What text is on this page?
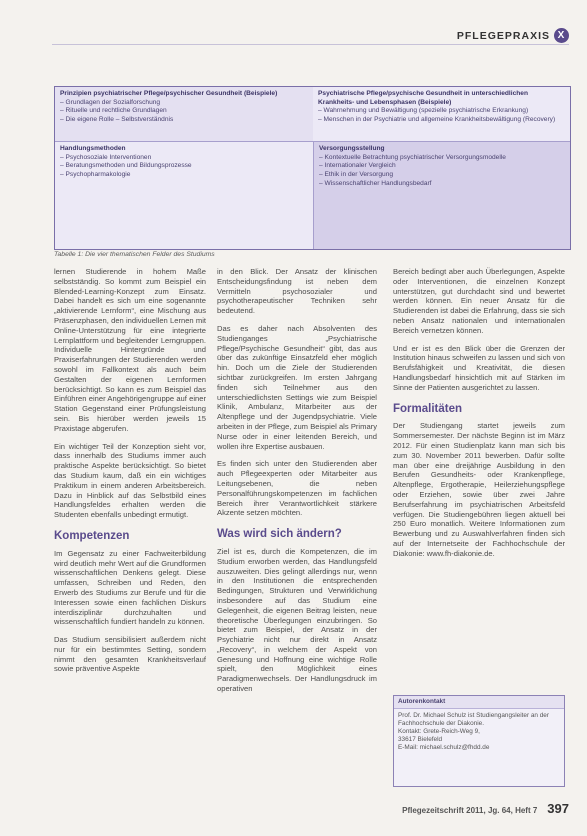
PFLEGEPRAXIS X
Prinzipien psychiatrischer Pflege/psychischer Gesundheit (Beispiele)
– Grundlagen der Sozialforschung
– Rituelle und rechtliche Grundlagen
– Die eigene Rolle – Selbstverständnis
Psychiatrische Pflege/psychische Gesundheit in unterschiedlichen Krankheits- und Lebensphasen (Beispiele)
– Wahrnehmung und Bewältigung (spezielle psychiatrische Erkrankung)
– Menschen in der Psychiatrie und allgemeine Krankheitsbewältigung (Recovery)
Handlungsmethoden
– Psychosoziale Interventionen
– Beratungsmethoden und Bildungsprozesse
– Psychopharmakologie
Versorgungsstellung
– Kontextuelle Betrachtung psychiatrischer Versorgungsmodelle
– Internationaler Vergleich
– Ethik in der Versorgung
– Wissenschaftlicher Handlungsbedarf
Tabelle 1: Die vier thematischen Felder des Studiums

lernen Studierende in hohem Maße selbstständig. So kommt zum Beispiel ein Blended-Learning-Konzept zum Einsatz. Dabei handelt es sich um eine sogenannte „aktivierende Lernform“, eine Mischung aus Präsenzphasen, den individuellen Lernen mit Online-Unterstützung für eine integrierte Lernplattform und begleitender Lerngruppen. Individuelle Hintergründe und Praxiserfahrungen der Studierenden werden sowohl im Fallkontext als auch beim Gestalten der eigenen Lernformen berücksichtigt. So kann es zum Beispiel das Einführen einer Angehörigengruppe auf einer Station Gegenstand einer Prüfungsleistung sein. Bis hierüber werden jeweils 15 Praxistage abgerufen.

Ein wichtiger Teil der Konzeption sieht vor, dass innerhalb des Studiums immer auch praktische Aspekte berücksichtigt. So bietet das Studium kaum, daß ein ein wichtiges Praktikum in einem anderen Arbeitsbereich. Dazu in Hinblick auf das Selbstbild eines Handlungsfeldes erhalten werden die Studenten ebenfalls unbedingt ermutigt.

Kompetenzen

Im Gegensatz zu einer Fachweiterbildung wird deutlich mehr Wert auf die Grundformen wissenschaftlichen Denkens gelegt. Diese umfassen, Schreiben und Reden, den Erwerb des Studiums zur Berufe und für die Interessen sowie einen fachlichen Diskurs interdisziplinär durchzuhalten und wissenschaftlich fundiert handeln zu können.

Das Studium sensibilisiert außerdem nicht nur für ein bestimmtes Setting, sondern nimmt den gesamten Krankheitsverlauf sowie präventive Aspekte

in den Blick. Der Ansatz der klinischen Entscheidungsfindung ist neben dem Vermitteln psychosozialer und psychotherapeutischer Techniken sehr bedeutend.

Das es daher nach Absolventen des Studienganges „Psychiatrische Pflege/Psychische Gesundheit“ gibt, das aus über das zukünftige Einsatzfeld eher möglich hin. Doch um die Ziele der Studierenden sichtbar zurückgreifen. Im ersten Jahrgang finden sich Teilnehmer aus den unterschiedlichsten Settings wie zum Beispiel Klinik, Ambulanz, Mitarbeiter aus der Altenpflege und der Jugendpsychiatrie. Viele arbeiten in der Pflege, zum Beispiel als Primary Nurse oder in einer leitenden Bereich, und wollen ihre Expertise ausbauen.

Es finden sich unter den Studierenden aber auch Pflegeexperten oder Mitarbeiter aus Leitungsebenen, die neben Personalführungskompetenzen im fachlichen Bereich ihrer Verantwortlichkeit stärkere Akzente setzen möchten.

Was wird sich ändern?

Ziel ist es, durch die Kompetenzen, die im Studium erworben werden, das Handlungsfeld auszuweiten. Dies gelingt allerdings nur, wenn in den Institutionen die entsprechenden Bedingungen, Strukturen und Verwirklichung insbesondere auf das Studium eine Gelegenheit, die eigenen Beitrag leisten, neue theoretische Überlegungen einzubringen. So bietet zum Beispiel, der Ansatz in der Psychiatrie nicht nur direkt in Ansatz „Recovery“, in welchem der Aspekt von Genesung und Hoffnung eine wichtige Rolle spielt, den Möglichkeit eines Paradigmenwechsels. Der Handlungsdruck im operativen

Bereich bedingt aber auch Überlegungen, Aspekte oder Interventionen, die einzelnen Konzept unterstützen, gut durchdacht sind und bewertet werden können. Ein neuer Ansatz für die Studierenden ist dabei die Erfahrung, dass sie sich neben Ansatz nationalen und internationalen Bereich vernetzen können.

Und er ist es den Blick über die Grenzen der Institution hinaus schweifen zu lassen und sich von Berufsfähigkeit und Kreativität, die diesen Handlungsbedarf hinsichtlich mit auf Stärken im Sinne der Patienten ausgerichtet zu lassen.

Formalitäten

Der Studiengang startet jeweils zum Sommersemester. Der nächste Beginn ist im März 2012. Für einen Studienplatz kann man sich bis zum 30. November 2011 bewerben. Dafür sollte man über eine dreijährige Ausbildung in den Berufen Gesundheits- oder Krankenpflege, Altenpflege, Ergotherapie, Heilerziehungspflege oder Erziehen, sowie über zwei Jahre Berufserfahrung im psychiatrischen Arbeitsfeld verfügen. Die Studiengebühren liegen aktuell bei 250 Euro monatlich. Weitere Informationen zum Bewerbung und zu Auswahlverfahren finden sich auf der Internetseite der Fachhochschule der Diakonie: www.fh-diakonie.de.

Autorenkontakt
Prof. Dr. Michael Schulz ist Studiengangsleiter an der Fachhochschule der Diakonie.
Kontakt: Grete-Reich-Weg 9,
33617 Bielefeld
E-Mail: michael.schulz@fhdd.de
Pflegezeitschrift 2011, Jg. 64, Heft 7 397
